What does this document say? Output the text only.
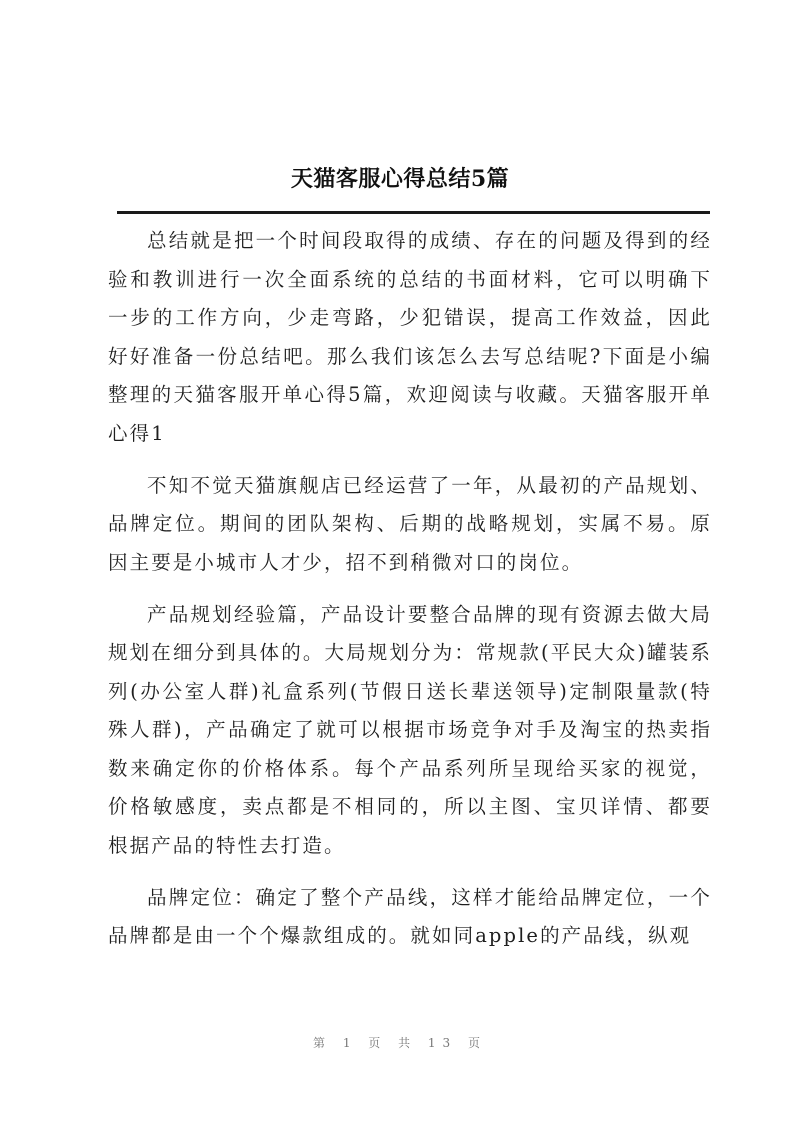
天猫客服心得总结5篇

总结就是把一个时间段取得的成绩、存在的问题及得到的经验和教训进行一次全面系统的总结的书面材料，它可以明确下一步的工作方向，少走弯路，少犯错误，提高工作效益，因此好好准备一份总结吧。那么我们该怎么去写总结呢?下面是小编整理的天猫客服开单心得5篇，欢迎阅读与收藏。天猫客服开单心得1

不知不觉天猫旗舰店已经运营了一年，从最初的产品规划、品牌定位。期间的团队架构、后期的战略规划，实属不易。原因主要是小城市人才少，招不到稍微对口的岗位。

产品规划经验篇，产品设计要整合品牌的现有资源去做大局规划在细分到具体的。大局规划分为：常规款(平民大众)罐装系列(办公室人群)礼盒系列(节假日送长辈送领导)定制限量款(特殊人群)，产品确定了就可以根据市场竞争对手及淘宝的热卖指数来确定你的价格体系。每个产品系列所呈现给买家的视觉，价格敏感度，卖点都是不相同的，所以主图、宝贝详情、都要根据产品的特性去打造。

品牌定位：确定了整个产品线，这样才能给品牌定位，一个品牌都是由一个个爆款组成的。就如同apple的产品线，纵观

第 1 页 共 13 页
